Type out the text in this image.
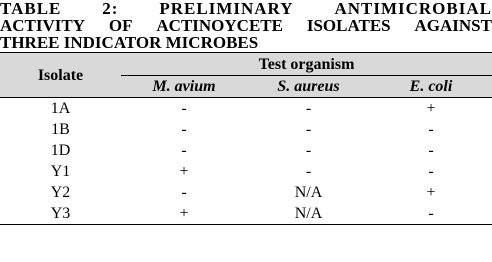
TABLE 2: PRELIMINARY ANTIMICROBIAL
ACTIVITY OF ACTINOYCETE ISOLATES AGAINST
THREE INDICATOR MICROBES
Isolate	Test organism		
	M. avium	S. aureus	E. coli
1A	-	-	+
1B	-	-	-
1D	-	-	-
Y1	+	-	-
Y2	-	N/A	+
Y3	+	N/A	-
